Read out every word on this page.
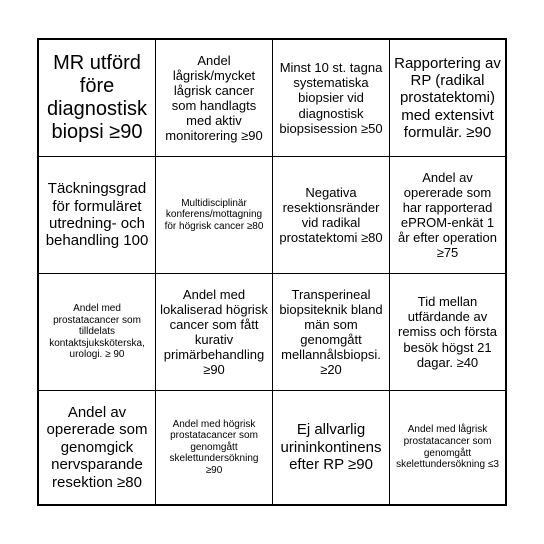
MR utförd före diagnostisk biopsi ≥90
Andel lågrisk/mycket lågrisk cancer som handlagts med aktiv monitorering ≥90
Minst 10 st. tagna systematiska biopsier vid diagnostisk biopsisession ≥50
Rapportering av RP (radikal prostatektomi) med extensivt formulär. ≥90
Täckningsgrad för formuläret utredning- och behandling 100
Multidisciplinär konferens/mottagning för högrisk cancer ≥80
Negativa resektionsränder vid radikal prostatektomi ≥80
Andel av opererade som har rapporterad ePROM-enkät 1 år efter operation ≥75
Andel med prostatacancer som tilldelats kontaktsjuksköterska, urologi. ≥ 90
Andel med lokaliserad högrisk cancer som fått kurativ primärbehandling ≥90
Transperineal biopsiteknik bland män som genomgått mellannålsbiopsi. ≥20
Tid mellan utfärdande av remiss och första besök högst 21 dagar. ≥40
Andel av opererade som genomgick nervsparande resektion ≥80
Andel med högrisk prostatacancer som genomgått skelettundersökning ≥90
Ej allvarlig urininkontinens efter RP ≥90
Andel med lågrisk prostatacancer som genomgått skelettundersökning ≤3
